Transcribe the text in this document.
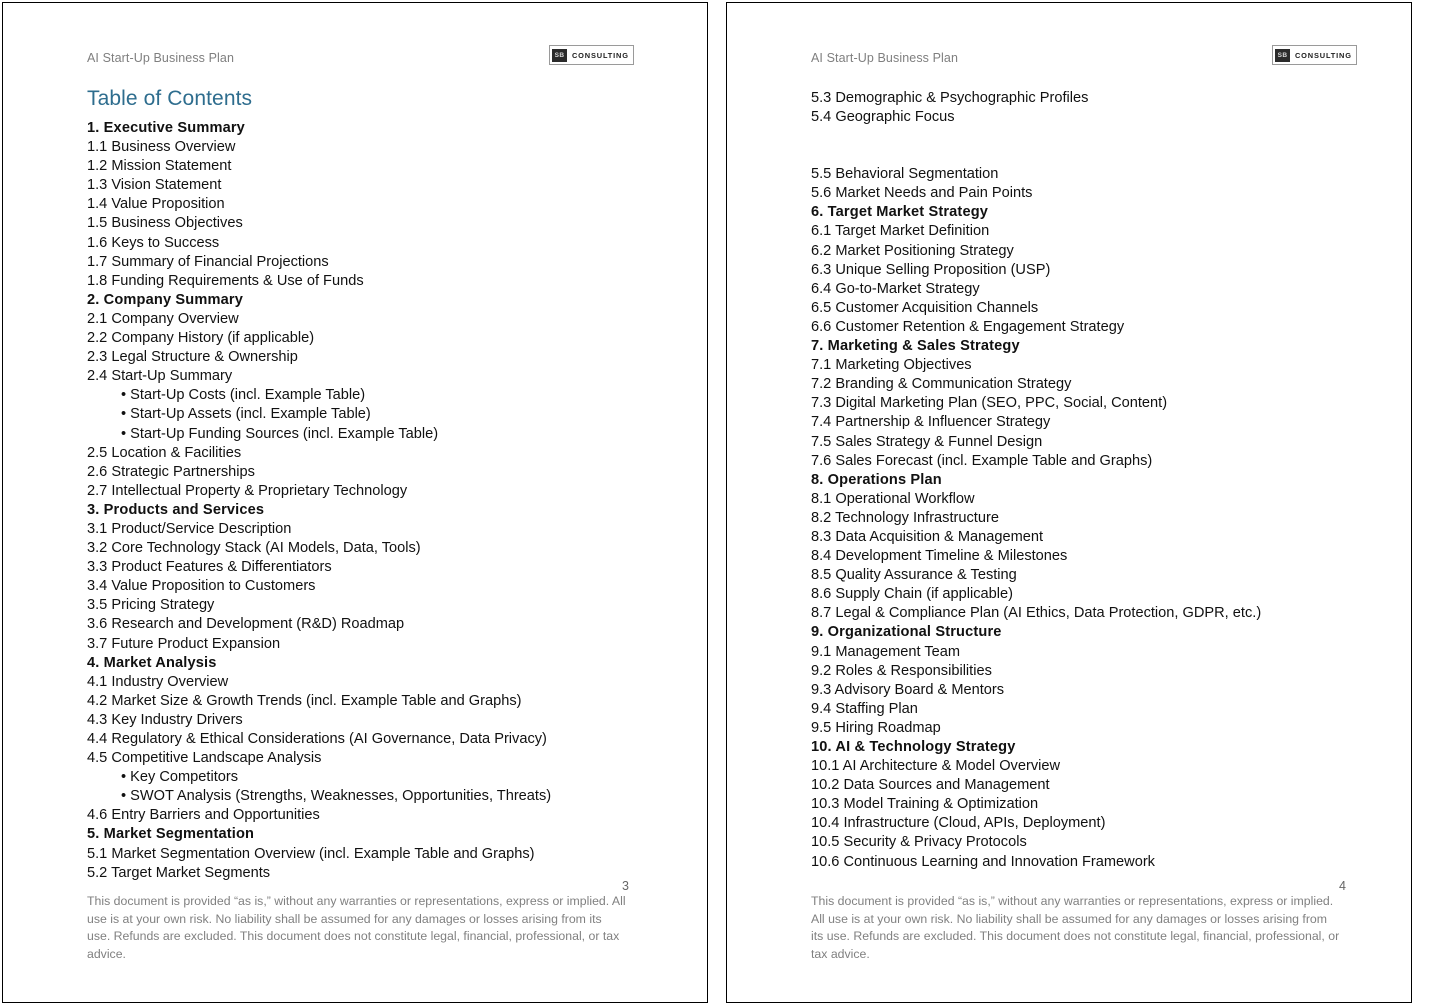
AI Start-Up Business Plan	SB	CONSULTING
Table of Contents
1. Executive Summary
1.1 Business Overview
1.2 Mission Statement
1.3 Vision Statement
1.4 Value Proposition
1.5 Business Objectives
1.6 Keys to Success
1.7 Summary of Financial Projections
1.8 Funding Requirements & Use of Funds
2. Company Summary
2.1 Company Overview
2.2 Company History (if applicable)
2.3 Legal Structure & Ownership
2.4 Start-Up Summary
• Start-Up Costs (incl. Example Table)
• Start-Up Assets (incl. Example Table)
• Start-Up Funding Sources (incl. Example Table)
2.5 Location & Facilities
2.6 Strategic Partnerships
2.7 Intellectual Property & Proprietary Technology
3. Products and Services
3.1 Product/Service Description
3.2 Core Technology Stack (AI Models, Data, Tools)
3.3 Product Features & Differentiators
3.4 Value Proposition to Customers
3.5 Pricing Strategy
3.6 Research and Development (R&D) Roadmap
3.7 Future Product Expansion
4. Market Analysis
4.1 Industry Overview
4.2 Market Size & Growth Trends (incl. Example Table and Graphs)
4.3 Key Industry Drivers
4.4 Regulatory & Ethical Considerations (AI Governance, Data Privacy)
4.5 Competitive Landscape Analysis
• Key Competitors
• SWOT Analysis (Strengths, Weaknesses, Opportunities, Threats)
4.6 Entry Barriers and Opportunities
5. Market Segmentation
5.1 Market Segmentation Overview (incl. Example Table and Graphs)
5.2 Target Market Segments
3

This document is provided “as is,” without any warranties or representations, express or implied. All use is at your own risk. No liability shall be assumed for any damages or losses arising from its use. Refunds are excluded. This document does not constitute legal, financial, professional, or tax advice.

AI Start-Up Business Plan	SB	CONSULTING
5.3 Demographic & Psychographic Profiles
5.4 Geographic Focus
5.5 Behavioral Segmentation
5.6 Market Needs and Pain Points
6. Target Market Strategy
6.1 Target Market Definition
6.2 Market Positioning Strategy
6.3 Unique Selling Proposition (USP)
6.4 Go-to-Market Strategy
6.5 Customer Acquisition Channels
6.6 Customer Retention & Engagement Strategy
7. Marketing & Sales Strategy
7.1 Marketing Objectives
7.2 Branding & Communication Strategy
7.3 Digital Marketing Plan (SEO, PPC, Social, Content)
7.4 Partnership & Influencer Strategy
7.5 Sales Strategy & Funnel Design
7.6 Sales Forecast (incl. Example Table and Graphs)
8. Operations Plan
8.1 Operational Workflow
8.2 Technology Infrastructure
8.3 Data Acquisition & Management
8.4 Development Timeline & Milestones
8.5 Quality Assurance & Testing
8.6 Supply Chain (if applicable)
8.7 Legal & Compliance Plan (AI Ethics, Data Protection, GDPR, etc.)
9. Organizational Structure
9.1 Management Team
9.2 Roles & Responsibilities
9.3 Advisory Board & Mentors
9.4 Staffing Plan
9.5 Hiring Roadmap
10. AI & Technology Strategy
10.1 AI Architecture & Model Overview
10.2 Data Sources and Management
10.3 Model Training & Optimization
10.4 Infrastructure (Cloud, APIs, Deployment)
10.5 Security & Privacy Protocols
10.6 Continuous Learning and Innovation Framework
4

This document is provided “as is,” without any warranties or representations, express or implied. All use is at your own risk. No liability shall be assumed for any damages or losses arising from its use. Refunds are excluded. This document does not constitute legal, financial, professional, or tax advice.
